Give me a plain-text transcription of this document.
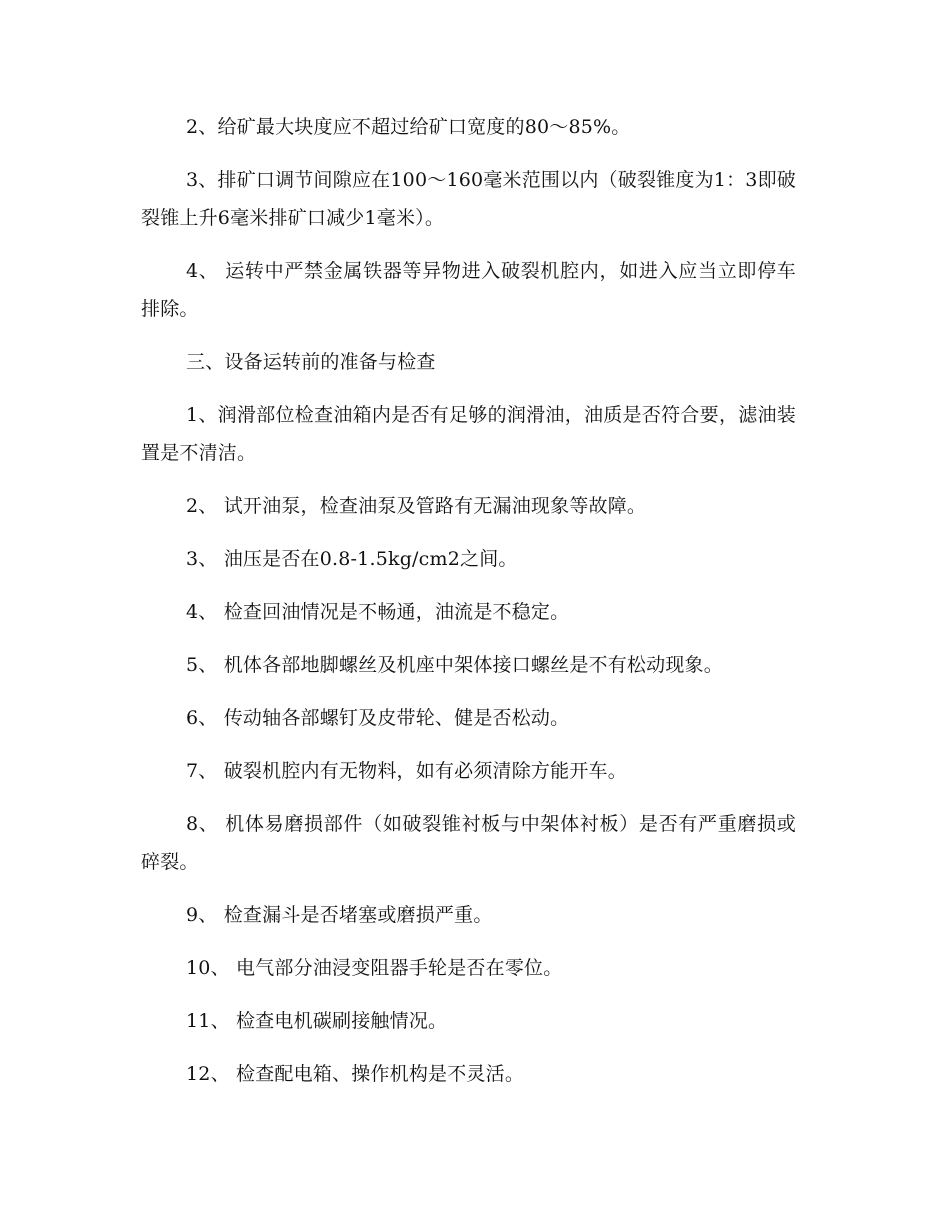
2、给矿最大块度应不超过给矿口宽度的80～85%。

3、排矿口调节间隙应在100～160毫米范围以内（破裂锥度为1：3即破裂锥上升6毫米排矿口减少1毫米）。

4、 运转中严禁金属铁器等异物进入破裂机腔内，如进入应当立即停车排除。

三、设备运转前的准备与检查

1、润滑部位检查油箱内是否有足够的润滑油，油质是否符合要，滤油装置是不清洁。

2、 试开油泵，检查油泵及管路有无漏油现象等故障。

3、 油压是否在0.8-1.5kg/cm2之间。

4、 检查回油情况是不畅通，油流是不稳定。

5、 机体各部地脚螺丝及机座中架体接口螺丝是不有松动现象。

6、 传动轴各部螺钉及皮带轮、健是否松动。

7、 破裂机腔内有无物料，如有必须清除方能开车。

8、 机体易磨损部件（如破裂锥衬板与中架体衬板）是否有严重磨损或碎裂。

9、 检查漏斗是否堵塞或磨损严重。

10、 电气部分油浸变阻器手轮是否在零位。

11、 检查电机碳刷接触情况。

12、 检查配电箱、操作机构是不灵活。
